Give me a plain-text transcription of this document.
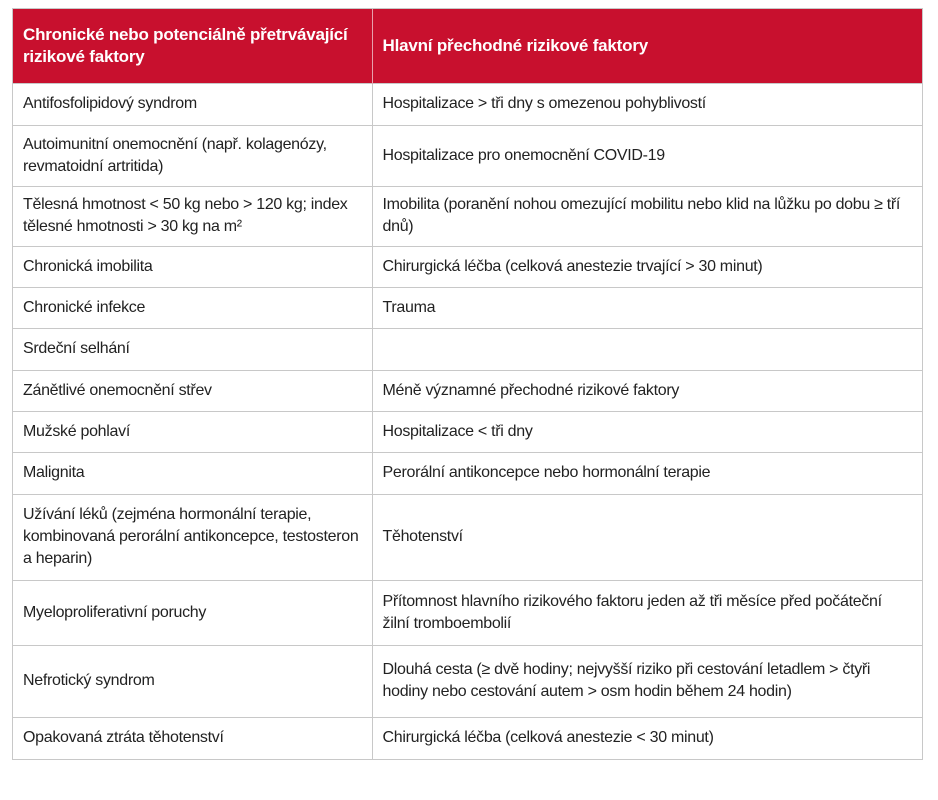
Chronické nebo potenciálně přetrvávající rizikové faktory	Hlavní přechodné rizikové faktory
Antifosfolipidový syndrom	Hospitalizace > tři dny s omezenou pohyblivostí
Autoimunitní onemocnění (např. kolagenózy, revmatoidní artritida)	Hospitalizace pro onemocnění COVID-19
Tělesná hmotnost < 50 kg nebo > 120 kg; index tělesné hmotnosti > 30 kg na m²	Imobilita (poranění nohou omezující mobilitu nebo klid na lůžku po dobu ≥ tří dnů)
Chronická imobilita	Chirurgická léčba (celková anestezie trvající > 30 minut)
Chronické infekce	Trauma
Srdeční selhání	
Zánětlivé onemocnění střev	Méně významné přechodné rizikové faktory
Mužské pohlaví	Hospitalizace < tři dny
Malignita	Perorální antikoncepce nebo hormonální terapie
Užívání léků (zejména hormonální terapie, kombinovaná perorální antikoncepce, testosteron a heparin)	Těhotenství
Myeloproliferativní poruchy	Přítomnost hlavního rizikového faktoru jeden až tři měsíce před počáteční žilní tromboembolií
Nefrotický syndrom	Dlouhá cesta (≥ dvě hodiny; nejvyšší riziko při cestování letadlem > čtyři hodiny nebo cestování autem > osm hodin během 24 hodin)
Opakovaná ztráta těhotenství	Chirurgická léčba (celková anestezie < 30 minut)
